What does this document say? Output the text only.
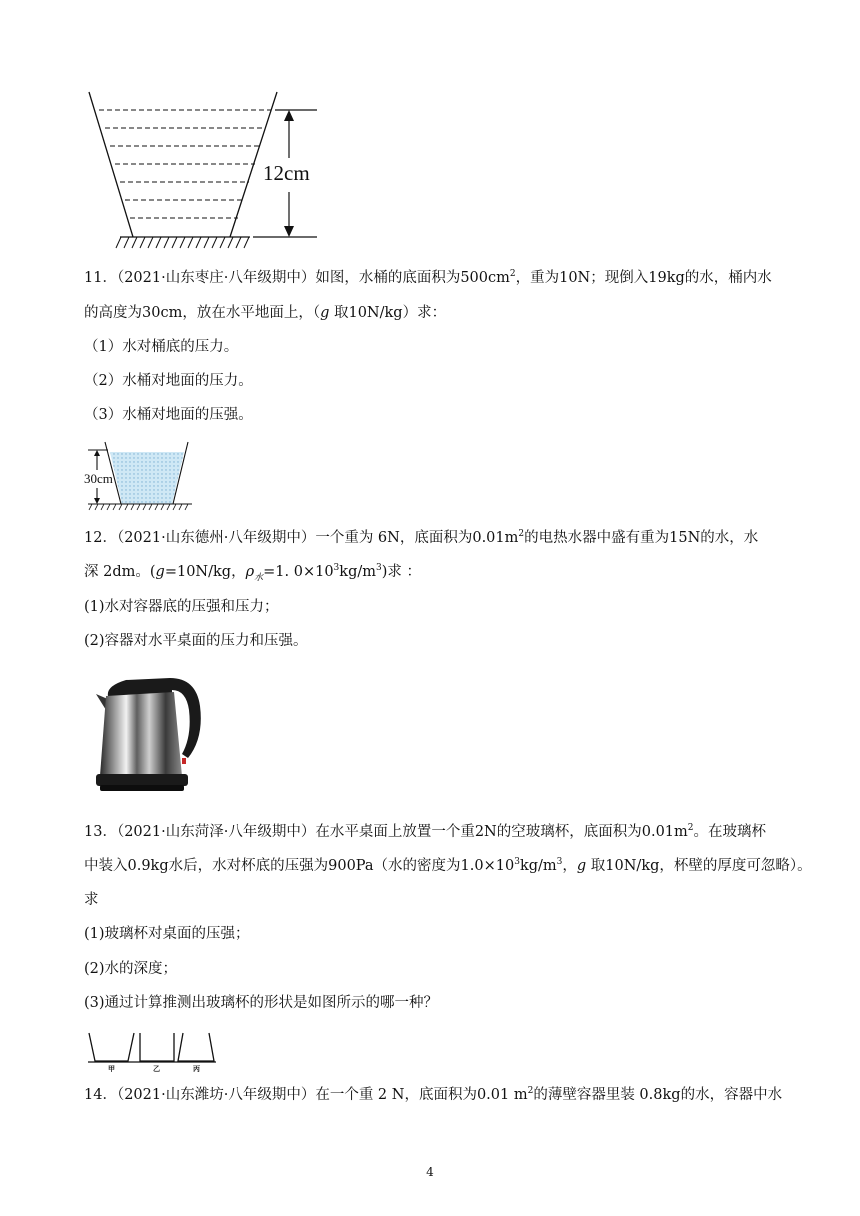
12cm
11．（2021·山东枣庄·八年级期中）如图，水桶的底面积为$500cm^2$，重为10N；现倒入19kg的水，桶内水
的高度为30cm，放在水平地面上，（g 取10N/kg）求：
（1）水对桶底的压力。
（2）水桶对地面的压力。
（3）水桶对地面的压强。
30cm
12．（2021·山东德州·八年级期中）一个重为 6N，底面积为$0.01m^2$的电热水器中盛有重为15N的水，水
深 2dm。(g=10N/kg，$\rho_水=1$. $0\times 10^3kg/m^3$)求 ：
(1)水对容器底的压强和压力；
(2)容器对水平桌面的压力和压强。
13．（2021·山东菏泽·八年级期中）在水平桌面上放置一个重2N的空玻璃杯，底面积为$0.01m^2$。在玻璃杯
中装入0.9kg水后，水对杯底的压强为900Pa（水的密度为$1.0\times 10^3kg/m^3$，g 取10N/kg，杯壁的厚度可忽略）。
求
(1)玻璃杯对桌面的压强；
(2)水的深度；
(3)通过计算推测出玻璃杯的形状是如图所示的哪一种？
甲	乙	丙
14．（2021·山东潍坊·八年级期中）在一个重 2 N，底面积为0.01 $m^2$的薄壁容器里装 0.8kg的水，容器中水
4
